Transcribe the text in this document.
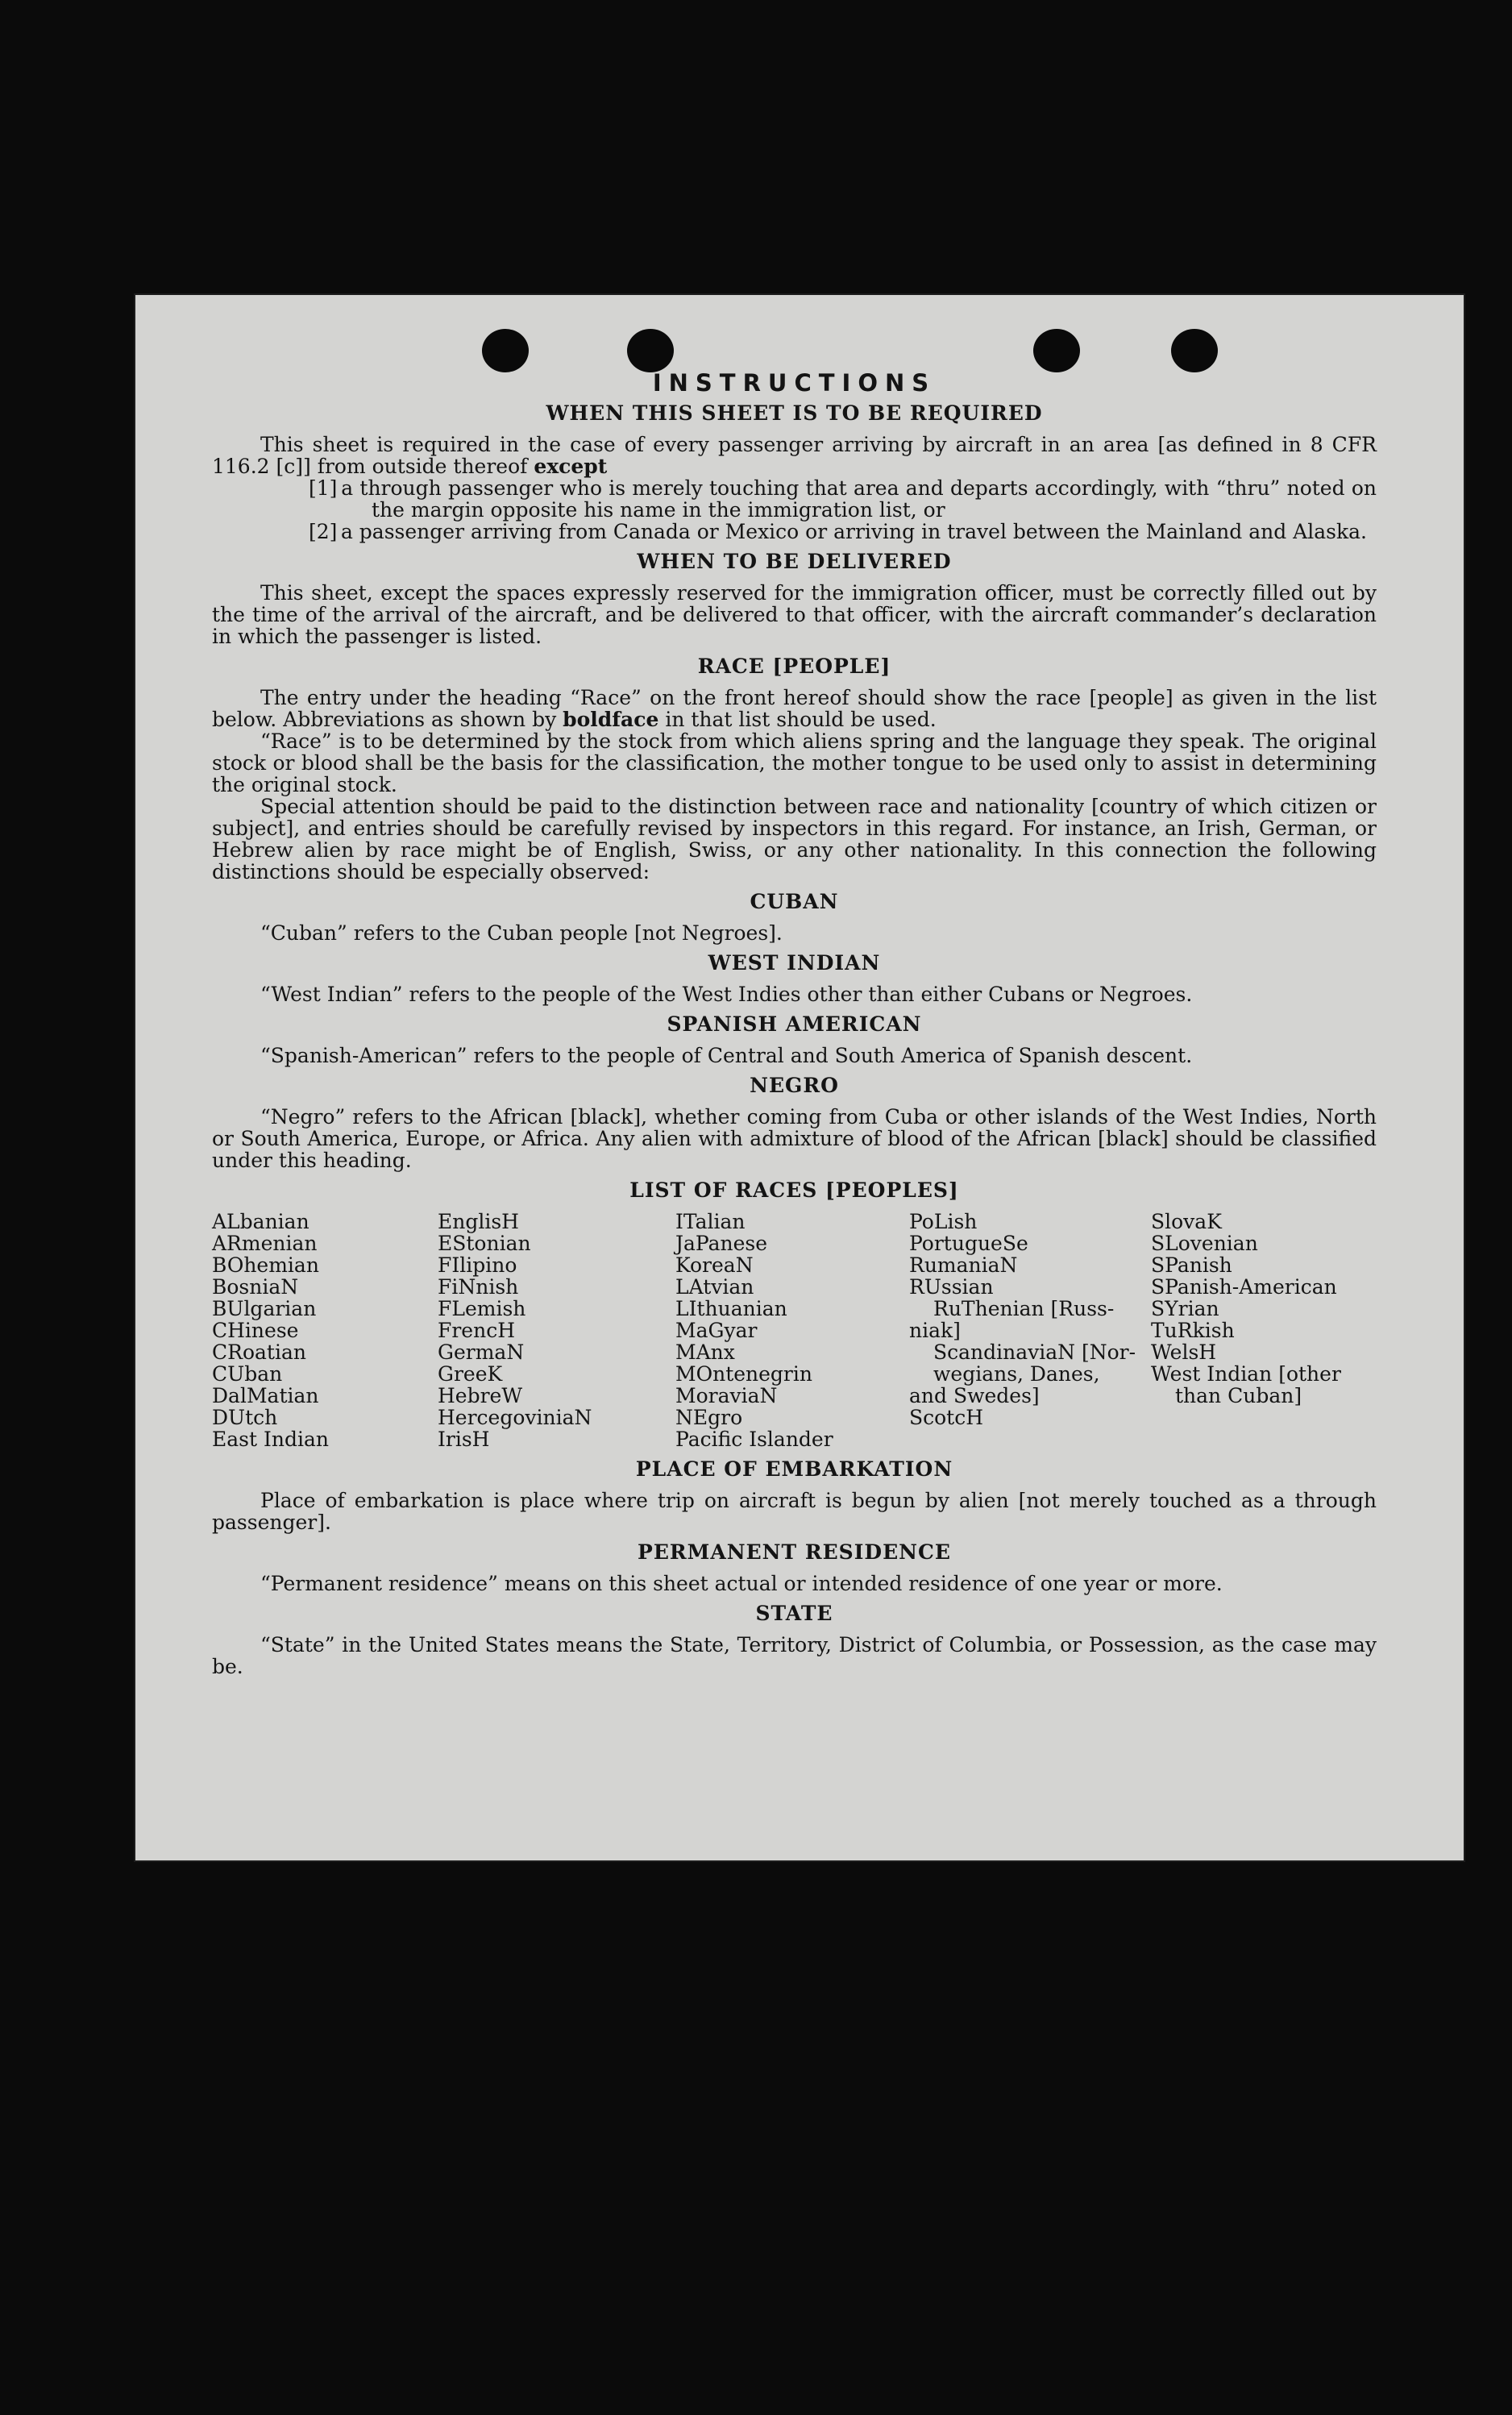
INSTRUCTIONS
WHEN THIS SHEET IS TO BE REQUIRED

This sheet is required in the case of every passenger arriving by aircraft in an area [as defined in 8 CFR 116.2 [c]] from outside thereof except

[1] a through passenger who is merely touching that area and departs accordingly, with “thru” noted on the margin opposite his name in the immigration list, or

[2] a passenger arriving from Canada or Mexico or arriving in travel between the Mainland and Alaska.

WHEN TO BE DELIVERED

This sheet, except the spaces expressly reserved for the immigration officer, must be correctly filled out by the time of the arrival of the aircraft, and be delivered to that officer, with the aircraft commander’s declaration in which the passenger is listed.

RACE [PEOPLE]

The entry under the heading “Race” on the front hereof should show the race [people] as given in the list below. Abbreviations as shown by boldface in that list should be used.

“Race” is to be determined by the stock from which aliens spring and the language they speak. The original stock or blood shall be the basis for the classification, the mother tongue to be used only to assist in determining the original stock.

Special attention should be paid to the distinction between race and nationality [country of which citizen or subject], and entries should be carefully revised by inspectors in this regard. For instance, an Irish, German, or Hebrew alien by race might be of English, Swiss, or any other nationality. In this connection the following distinctions should be especially observed:

CUBAN

“Cuban” refers to the Cuban people [not Negroes].

WEST INDIAN

“West Indian” refers to the people of the West Indies other than either Cubans or Negroes.

SPANISH AMERICAN

“Spanish-American” refers to the people of Central and South America of Spanish descent.

NEGRO

“Negro” refers to the African [black], whether coming from Cuba or other islands of the West Indies, North or South America, Europe, or Africa. Any alien with admixture of blood of the African [black] should be classified under this heading.

LIST OF RACES [PEOPLES]
ALbanian
ARmenian
BOhemian
BosniaN
BUlgarian
CHinese
CRoatian
CUban
DalMatian
DUtch
East Indian
EnglisH
EStonian
FIlipino
FiNnish
FLemish
FrencH
GermaN
GreeK
HebreW
HercegoviniaN
IrisH
ITalian
JaPanese
KoreaN
LAtvian
LIthuanian
MaGyar
MAnx
MOntenegrin
MoraviaN
NEgro
Pacific Islander
PoLish
PortugueSe
RumaniaN
RUssian
RuThenian [Russ-
niak]
ScandinaviaN [Nor-
wegians, Danes,
and Swedes]
ScotcH
SlovaK
SLovenian
SPanish
SPanish-American
SYrian
TuRkish
WelsH
West Indian [other
than Cuban]
PLACE OF EMBARKATION

Place of embarkation is place where trip on aircraft is begun by alien [not merely touched as a through passenger].

PERMANENT RESIDENCE

“Permanent residence” means on this sheet actual or intended residence of one year or more.

STATE

“State” in the United States means the State, Territory, District of Columbia, or Possession, as the case may be.
